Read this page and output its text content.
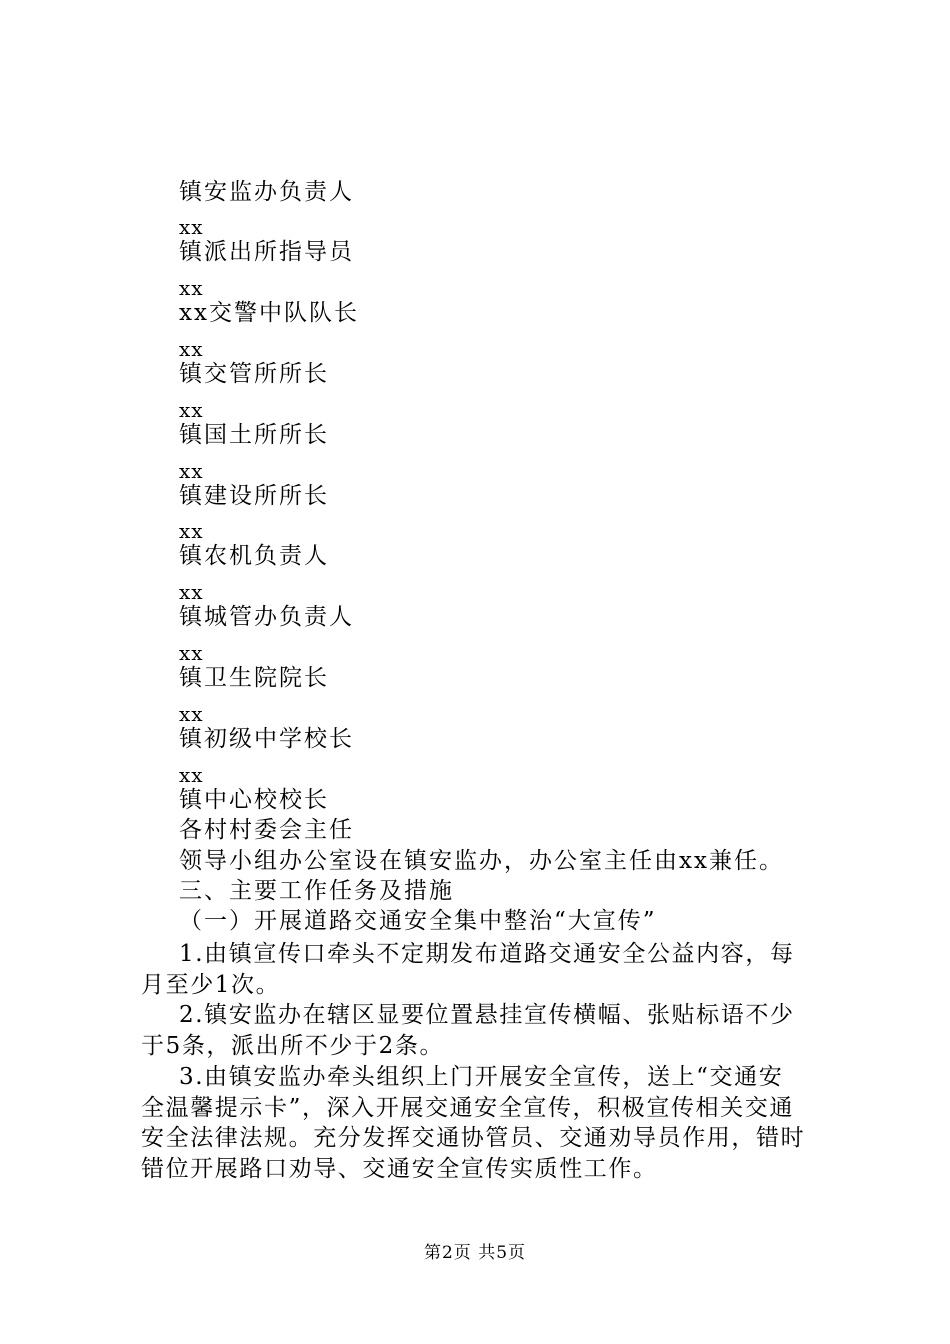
镇安监办负责人
xx
镇派出所指导员
xx
xx交警中队队长
xx
镇交管所所长
xx
镇国土所所长
xx
镇建设所所长
xx
镇农机负责人
xx
镇城管办负责人
xx
镇卫生院院长
xx
镇初级中学校长
xx
镇中心校校长
各村村委会主任
领导小组办公室设在镇安监办，办公室主任由xx兼任。
三、主要工作任务及措施
（一）开展道路交通安全集中整治“大宣传”
1.由镇宣传口牵头不定期发布道路交通安全公益内容，每
月至少1次。
2.镇安监办在辖区显要位置悬挂宣传横幅、张贴标语不少
于5条，派出所不少于2条。
3.由镇安监办牵头组织上门开展安全宣传，送上“交通安
全温馨提示卡”，深入开展交通安全宣传，积极宣传相关交通
安全法律法规。充分发挥交通协管员、交通劝导员作用，错时
错位开展路口劝导、交通安全宣传实质性工作。
第2页 共5页
